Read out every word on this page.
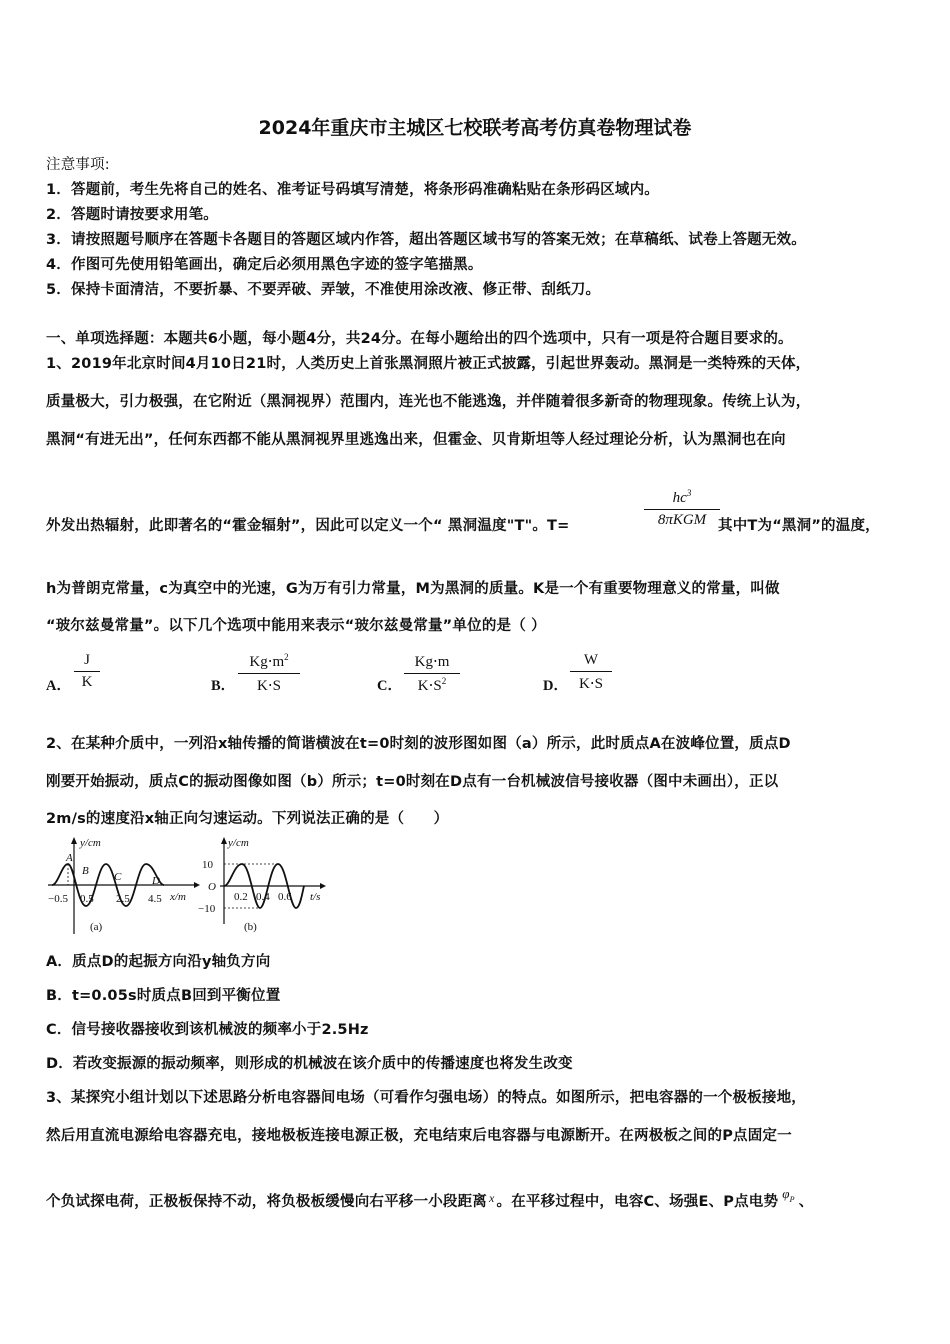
2024年重庆市主城区七校联考高考仿真卷物理试卷
注意事项:
1．答题前，考生先将自己的姓名、准考证号码填写清楚，将条形码准确粘贴在条形码区域内。
2．答题时请按要求用笔。
3．请按照题号顺序在答题卡各题目的答题区域内作答，超出答题区域书写的答案无效；在草稿纸、试卷上答题无效。
4．作图可先使用铅笔画出，确定后必须用黑色字迹的签字笔描黑。
5．保持卡面清洁，不要折暴、不要弄破、弄皱，不准使用涂改液、修正带、刮纸刀。
一、单项选择题：本题共6小题，每小题4分，共24分。在每小题给出的四个选项中，只有一项是符合题目要求的。
1、2019年北京时间4月10日21时，人类历史上首张黑洞照片被正式披露，引起世界轰动。黑洞是一类特殊的天体，
质量极大，引力极强，在它附近（黑洞视界）范围内，连光也不能逃逸，并伴随着很多新奇的物理现象。传统上认为，
黑洞“有进无出”，任何东西都不能从黑洞视界里逃逸出来，但霍金、贝肯斯坦等人经过理论分析，认为黑洞也在向
外发出热辐射，此即著名的“霍金辐射”，因此可以定义一个“ 黑洞温度"T"。T=
$hc^3$
8πKGM 其中T为“黑洞”的温度，
h为普朗克常量，c为真空中的光速，G为万有引力常量，M为黑洞的质量。K是一个有重要物理意义的常量，叫做
“玻尔兹曼常量”。以下几个选项中能用来表示“玻尔兹曼常量”单位的是（ ）
A． $\frac{J}{K}$	B． $\frac{Kg\cdot m^2}{K\cdot S}$	C． $\frac{Kg\cdot m}{K\cdot S^2}$	D． $\frac{W}{K\cdot S}$
2、在某种介质中，一列沿x轴传播的简谐横波在t=0时刻的波形图如图（a）所示，此时质点A在波峰位置，质点D
刚要开始振动，质点C的振动图像如图（b）所示；t=0时刻在D点有一台机械波信号接收器（图中未画出），正以
2m/s的速度沿x轴正向匀速运动。下列说法正确的是（　　）
y/cm
A
B C	D
−0.5 0.5 2.5 4.5 x/m
(a)
y/cm
10
O
−10
0.2 0.4 0.6 t/s
(b)
A．质点D的起振方向沿y轴负方向
B．t=0.05s时质点B回到平衡位置
C．信号接收器接收到该机械波的频率小于2.5Hz
D．若改变振源的振动频率，则形成的机械波在该介质中的传播速度也将发生改变
3、某探究小组计划以下述思路分析电容器间电场（可看作匀强电场）的特点。如图所示，把电容器的一个极板接地，
然后用直流电源给电容器充电，接地极板连接电源正极，充电结束后电容器与电源断开。在两极板之间的P点固定一
个负试探电荷，正极板保持不动，将负极板缓慢向右平移一小段距离 $^x$ 。在平移过程中，电容C、场强E、P点电势$\varphi^P$ 、
